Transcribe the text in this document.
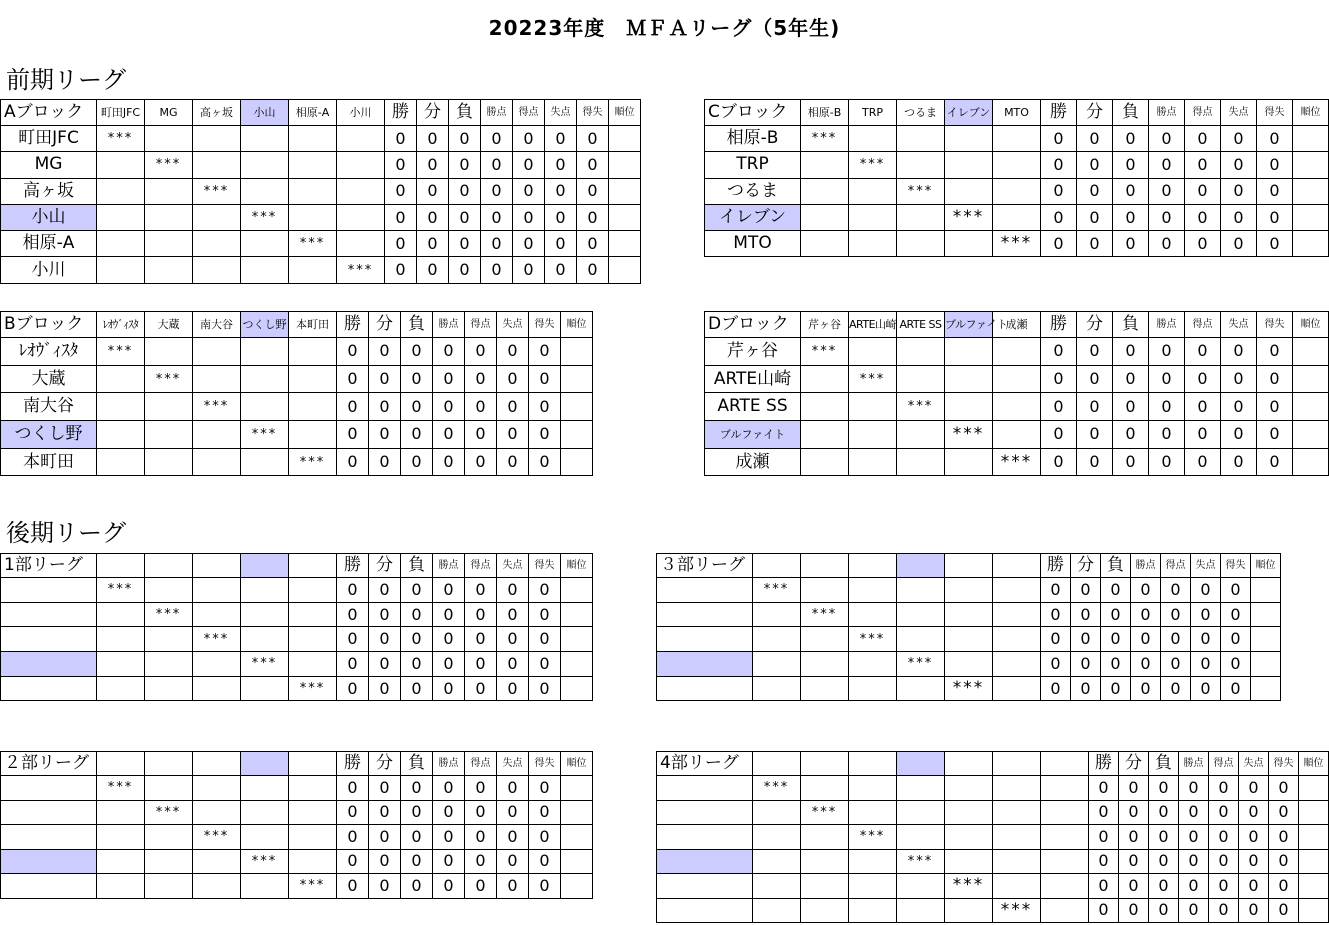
20223年度　ＭＦＡリーグ（5年生)
前期リーグ
後期リーグ
Aブロック	町田JFC	MG	高ヶ坂	小山	相原-A	小川	勝	分	負	勝点	得点	失点	得失	順位
町田JFC	***						0	0	0	0	0	0	0	
MG		***					0	0	0	0	0	0	0	
高ヶ坂			***				0	0	0	0	0	0	0	
小山				***			0	0	0	0	0	0	0	
相原-A					***		0	0	0	0	0	0	0	
小川						***	0	0	0	0	0	0	0	
Cブロック	相原-B	TRP	つるま	イレブン	MTO	勝	分	負	勝点	得点	失点	得失	順位
相原-B	***					0	0	0	0	0	0	0	
TRP		***				0	0	0	0	0	0	0	
つるま			***			0	0	0	0	0	0	0	
イレブン				***		0	0	0	0	0	0	0	
MTO					***	0	0	0	0	0	0	0	
Bブロック	ﾚｵｳﾞｨｽﾀ	大蔵	南大谷	つくし野	本町田	勝	分	負	勝点	得点	失点	得失	順位
ﾚｵｳﾞｨｽﾀ	***					0	0	0	0	0	0	0	
大蔵		***				0	0	0	0	0	0	0	
南大谷			***			0	0	0	0	0	0	0	
つくし野				***		0	0	0	0	0	0	0	
本町田					***	0	0	0	0	0	0	0	
Dブロック	芹ヶ谷	ARTE山崎	ARTE SS	ブルファイト	成瀬	勝	分	負	勝点	得点	失点	得失	順位
芹ヶ谷	***					0	0	0	0	0	0	0	
ARTE山崎		***				0	0	0	0	0	0	0	
ARTE SS			***			0	0	0	0	0	0	0	
ブルファイト				***		0	0	0	0	0	0	0	
成瀬					***	0	0	0	0	0	0	0	
1部リーグ						勝	分	負	勝点	得点	失点	得失	順位
	***					0	0	0	0	0	0	0	
		***				0	0	0	0	0	0	0	
			***			0	0	0	0	0	0	0	
				***		0	0	0	0	0	0	0	
					***	0	0	0	0	0	0	0	
３部リーグ							勝	分	負	勝点	得点	失点	得失	順位
	***						0	0	0	0	0	0	0	
		***					0	0	0	0	0	0	0	
			***				0	0	0	0	0	0	0	
				***			0	0	0	0	0	0	0	
					***		0	0	0	0	0	0	0	
２部リーグ						勝	分	負	勝点	得点	失点	得失	順位
	***					0	0	0	0	0	0	0	
		***				0	0	0	0	0	0	0	
			***			0	0	0	0	0	0	0	
				***		0	0	0	0	0	0	0	
					***	0	0	0	0	0	0	0	
4部リーグ								勝	分	負	勝点	得点	失点	得失	順位
	***							0	0	0	0	0	0	0	
		***						0	0	0	0	0	0	0	
			***					0	0	0	0	0	0	0	
				***				0	0	0	0	0	0	0	
					***			0	0	0	0	0	0	0	
						***		0	0	0	0	0	0	0	
